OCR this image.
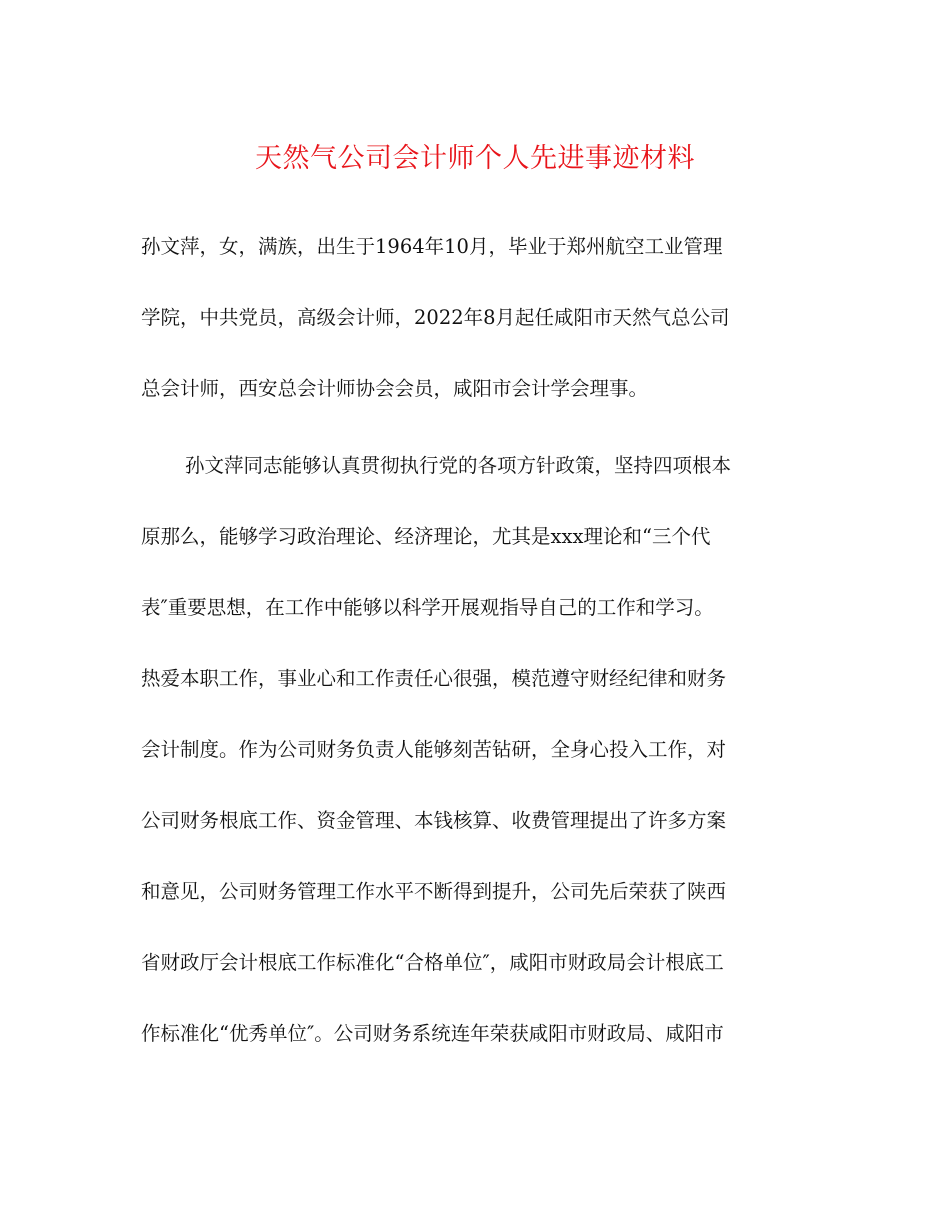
天然气公司会计师个人先进事迹材料
孙文萍，女，满族，出生于1964年10月，毕业于郑州航空工业管理
学院，中共党员，高级会计师，2022年8月起任咸阳市天然气总公司
总会计师，西安总会计师协会会员，咸阳市会计学会理事。
孙文萍同志能够认真贯彻执行党的各项方针政策，坚持四项根本
原那么，能够学习政治理论、经济理论，尤其是xxx理论和“三个代
表″重要思想，在工作中能够以科学开展观指导自己的工作和学习。
热爱本职工作，事业心和工作责任心很强，模范遵守财经纪律和财务
会计制度。作为公司财务负责人能够刻苦钻研，全身心投入工作，对
公司财务根底工作、资金管理、本钱核算、收费管理提出了许多方案
和意见，公司财务管理工作水平不断得到提升，公司先后荣获了陕西
省财政厅会计根底工作标准化“合格单位″，咸阳市财政局会计根底工
作标准化“优秀单位″。公司财务系统连年荣获咸阳市财政局、咸阳市
